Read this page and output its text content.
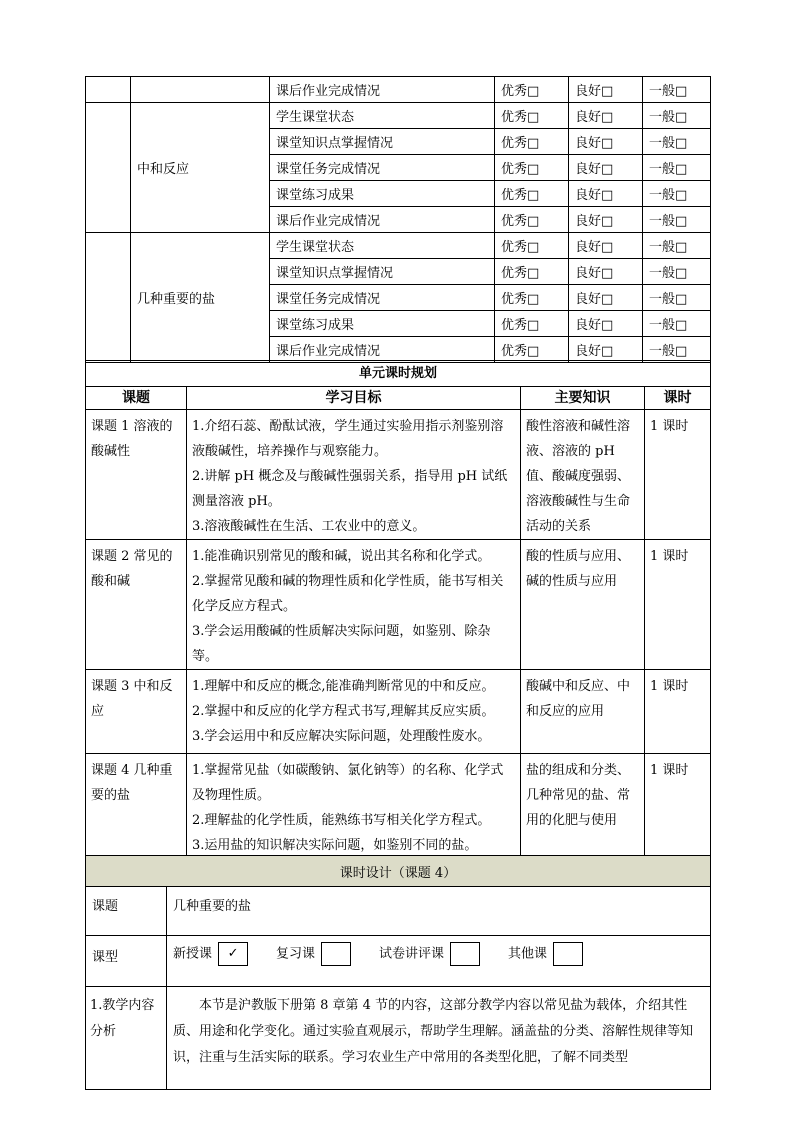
		课后作业完成情况	优秀□	良好□	一般□
	中和反应	学生课堂状态	优秀□	良好□	一般□
		课堂知识点掌握情况	优秀□	良好□	一般□
		课堂任务完成情况	优秀□	良好□	一般□
		课堂练习成果	优秀□	良好□	一般□
		课后作业完成情况	优秀□	良好□	一般□
	几种重要的盐	学生课堂状态	优秀□	良好□	一般□
		课堂知识点掌握情况	优秀□	良好□	一般□
		课堂任务完成情况	优秀□	良好□	一般□
		课堂练习成果	优秀□	良好□	一般□
		课后作业完成情况	优秀□	良好□	一般□
单元课时规划			
课题	学习目标	主要知识	课时
课题 1 溶液的酸碱性	1.介绍石蕊、酚酞试液，学生通过实验用指示剂鉴别溶液酸碱性，培养操作与观察能力。

2.讲解 pH 概念及与酸碱性强弱关系，指导用 pH 试纸测量溶液 pH。

3.溶液酸碱性在生活、工农业中的意义。	酸性溶液和碱性溶液、溶液的 pH 值、酸碱度强弱、溶液酸碱性与生命活动的关系	1 课时
课题 2 常见的酸和碱	1.能准确识别常见的酸和碱，说出其名称和化学式。

2.掌握常见酸和碱的物理性质和化学性质，能书写相关化学反应方程式。

3.学会运用酸碱的性质解决实际问题，如鉴别、除杂等。	酸的性质与应用、碱的性质与应用	1 课时
课题 3 中和反应	1.理解中和反应的概念,能准确判断常见的中和反应。

2.掌握中和反应的化学方程式书写,理解其反应实质。

3.学会运用中和反应解决实际问题，处理酸性废水。	酸碱中和反应、中和反应的应用	1 课时
课题 4 几种重要的盐	1.掌握常见盐（如碳酸钠、氯化钠等）的名称、化学式及物理性质。

2.理解盐的化学性质，能熟练书写相关化学方程式。

3.运用盐的知识解决实际问题，如鉴别不同的盐。	盐的组成和分类、几种常见的盐、常用的化肥与使用	1 课时
课时设计（课题 4）	
课题	几种重要的盐
课型	新授课 ✓ 复习课 试卷讲评课 其他课
1.教学内容分析	本节是沪教版下册第 8 章第 4 节的内容，这部分教学内容以常见盐为载体，介绍其性质、用途和化学变化。通过实验直观展示，帮助学生理解。涵盖盐的分类、溶解性规律等知识，注重与生活实际的联系。学习农业生产中常用的各类型化肥，了解不同类型
